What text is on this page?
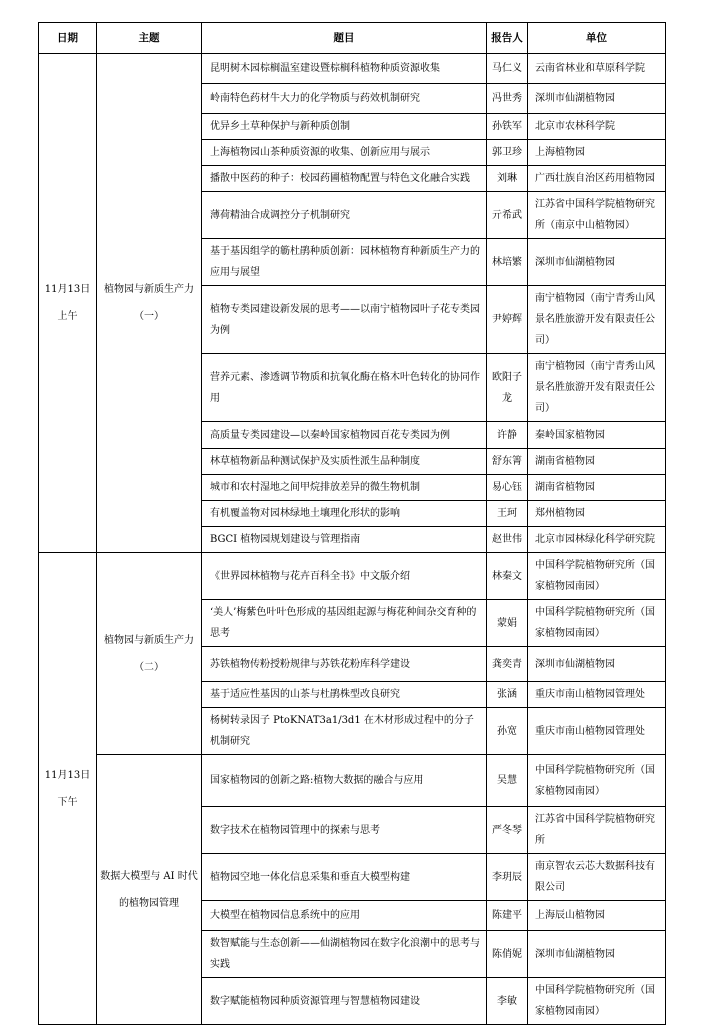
日期	主题	题目	报告人	单位

11月13日
上午

植物园与新质生产力
（一）
	昆明树木园棕榈温室建设暨棕榈科植物种质资源收集	马仁义	云南省林业和草原科学院
		岭南特色药材牛大力的化学物质与药效机制研究	冯世秀	深圳市仙湖植物园
		优异乡土草种保护与新种质创制	孙铁军	北京市农林科学院
		上海植物园山茶种质资源的收集、创新应用与展示	郭卫珍	上海植物园
		播散中医药的种子：校园药圃植物配置与特色文化融合实践	刘琳	广西壮族自治区药用植物园
		薄荷精油合成调控分子机制研究	亓希武	江苏省中国科学院植物研究所（南京中山植物园）
		基于基因组学的簕杜鹃种质创新：园林植物育种新质生产力的应用与展望	林培繁	深圳市仙湖植物园
		植物专类园建设新发展的思考——以南宁植物园叶子花专类园为例	尹婷辉	南宁植物园（南宁青秀山风景名胜旅游开发有限责任公司）
		营养元素、渗透调节物质和抗氧化酶在格木叶色转化的协同作用	欧阳子龙	南宁植物园（南宁青秀山风景名胜旅游开发有限责任公司）
		高质量专类园建设—以秦岭国家植物园百花专类园为例	许静	秦岭国家植物园
		林草植物新品种测试保护及实质性派生品种制度	舒东箐	湖南省植物园
		城市和农村湿地之间甲烷排放差异的微生物机制	易心钰	湖南省植物园
		有机覆盖物对园林绿地土壤理化形状的影响	王珂	郑州植物园
		BGCI 植物园规划建设与管理指南	赵世伟	北京市园林绿化科学研究院

11月13日
下午

植物园与新质生产力
（二）
	《世界园林植物与花卉百科全书》中文版介绍	林秦文	中国科学院植物研究所（国家植物园南园）
		‘美人’梅紫色叶叶色形成的基因组起源与梅花种间杂交育种的思考	蒙娟	中国科学院植物研究所（国家植物园南园）
		苏铁植物传粉授粉规律与苏铁花粉库科学建设	龚奕青	深圳市仙湖植物园
		基于适应性基因的山茶与杜鹃株型改良研究	张涵	重庆市南山植物园管理处
		杨树转录因子 PtoKNAT3a1/3d1 在木材形成过程中的分子机制研究	孙宽	重庆市南山植物园管理处

	数据大模型与 AI 时代
的植物园管理	国家植物园的创新之路:植物大数据的融合与应用	吴慧	中国科学院植物研究所（国家植物园南园）
		数字技术在植物园管理中的探索与思考	严冬琴	江苏省中国科学院植物研究所
		植物园空地一体化信息采集和垂直大模型构建	李玥辰	南京智农云芯大数据科技有限公司
		大模型在植物园信息系统中的应用	陈建平	上海辰山植物园
		数智赋能与生态创新——仙湖植物园在数字化浪潮中的思考与实践	陈俏妮	深圳市仙湖植物园
		数字赋能植物园种质资源管理与智慧植物园建设	李敏	中国科学院植物研究所（国家植物园南园）
